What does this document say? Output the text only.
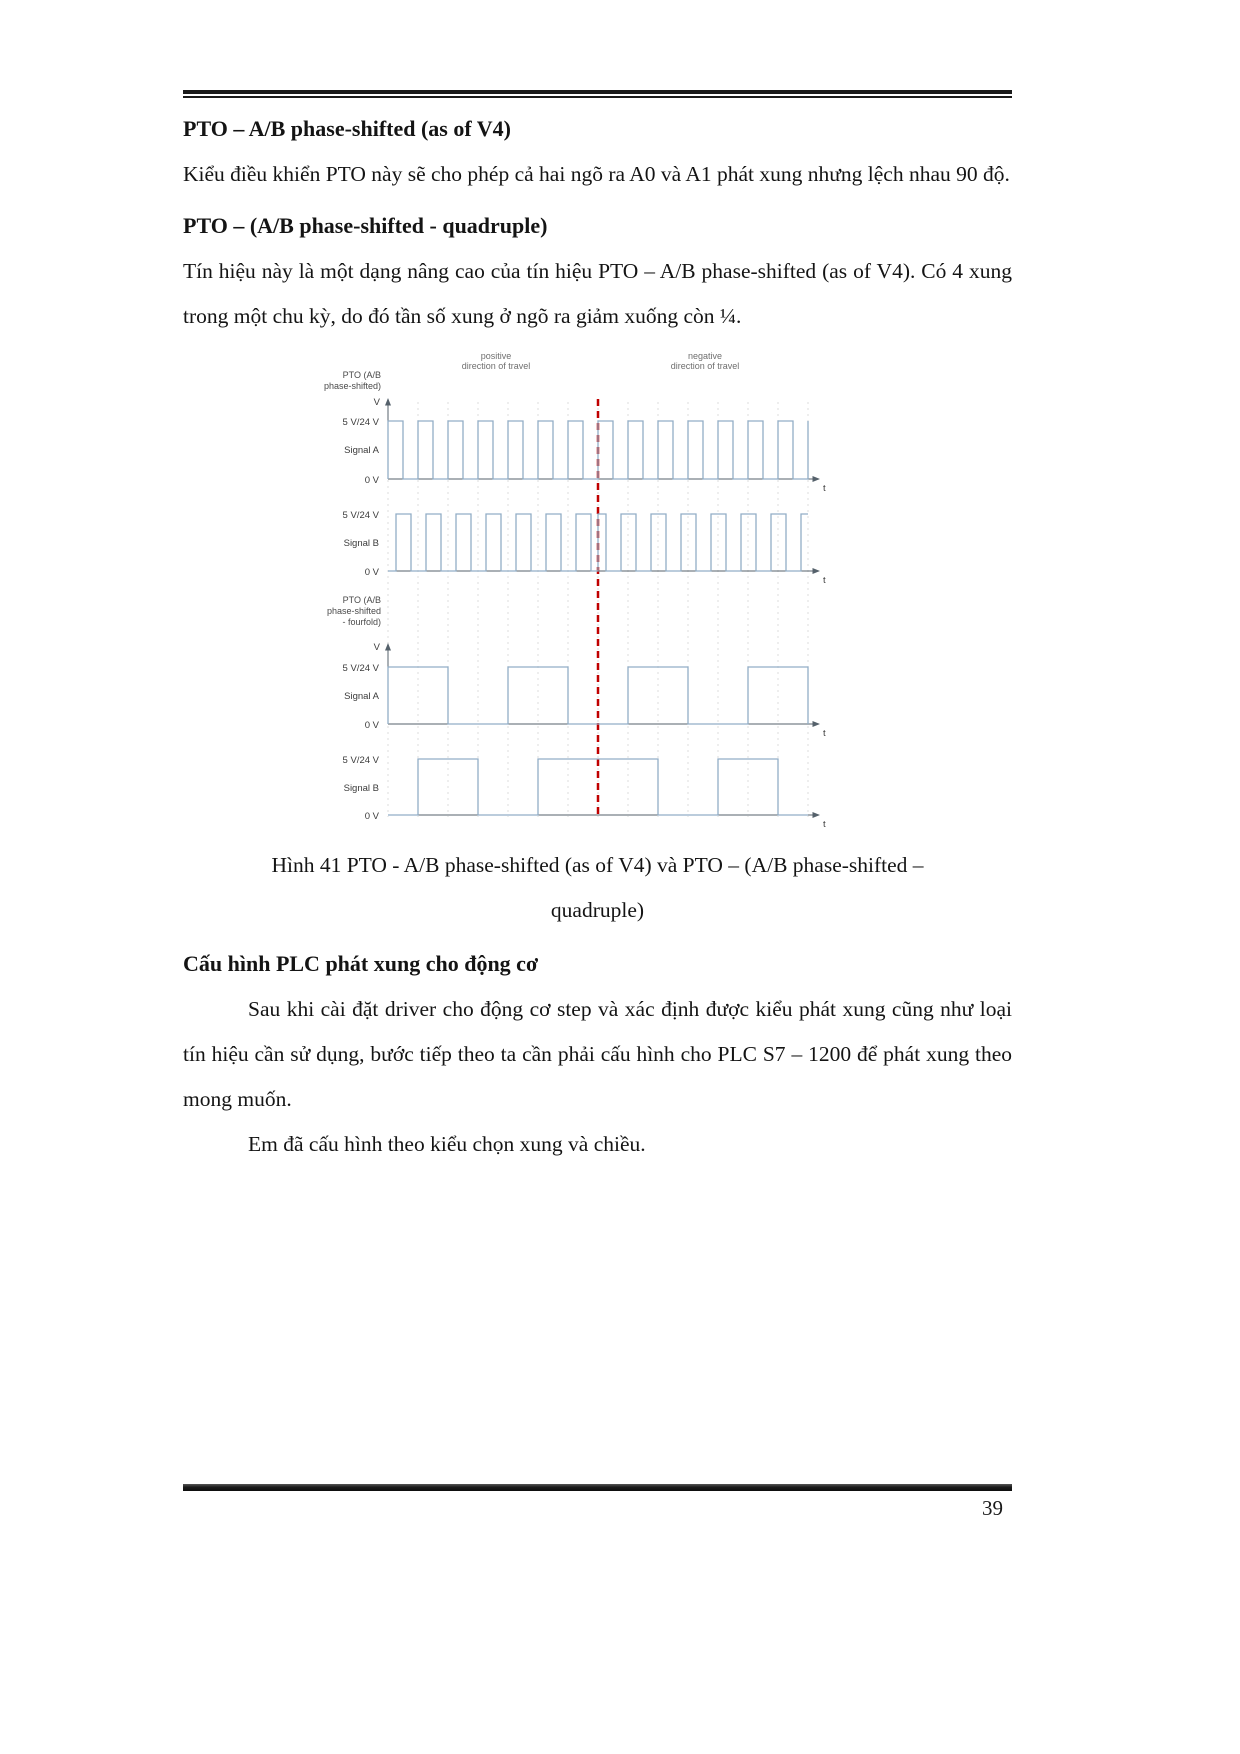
PTO – A/B phase-shifted (as of V4)

Kiểu điều khiển PTO này sẽ cho phép cả hai ngõ ra A0 và A1 phát xung nhưng lệch nhau 90 độ.

PTO – (A/B phase-shifted - quadruple)

Tín hiệu này là một dạng nâng cao của tín hiệu PTO – A/B phase-shifted (as of V4). Có 4 xung trong một chu kỳ, do đó tần số xung ở ngõ ra giảm xuống còn ¼.

positive
direction of travel
negative
direction of travel
PTO (A/B
phase-shifted)
V
5 V/24 V
Signal A
0 V
t
5 V/24 V
Signal B
0 V
t
PTO (A/B
phase-shifted
- fourfold)
V
5 V/24 V
Signal A
0 V
t
5 V/24 V
Signal B
0 V
t
Hình 41 PTO - A/B phase-shifted (as of V4) và PTO – (A/B phase-shifted –
quadruple)
Cấu hình PLC phát xung cho động cơ

Sau khi cài đặt driver cho động cơ step và xác định được kiểu phát xung cũng như loại tín hiệu cần sử dụng, bước tiếp theo ta cần phải cấu hình cho PLC S7 – 1200 để phát xung theo mong muốn.

Em đã cấu hình theo kiểu chọn xung và chiều.

39
